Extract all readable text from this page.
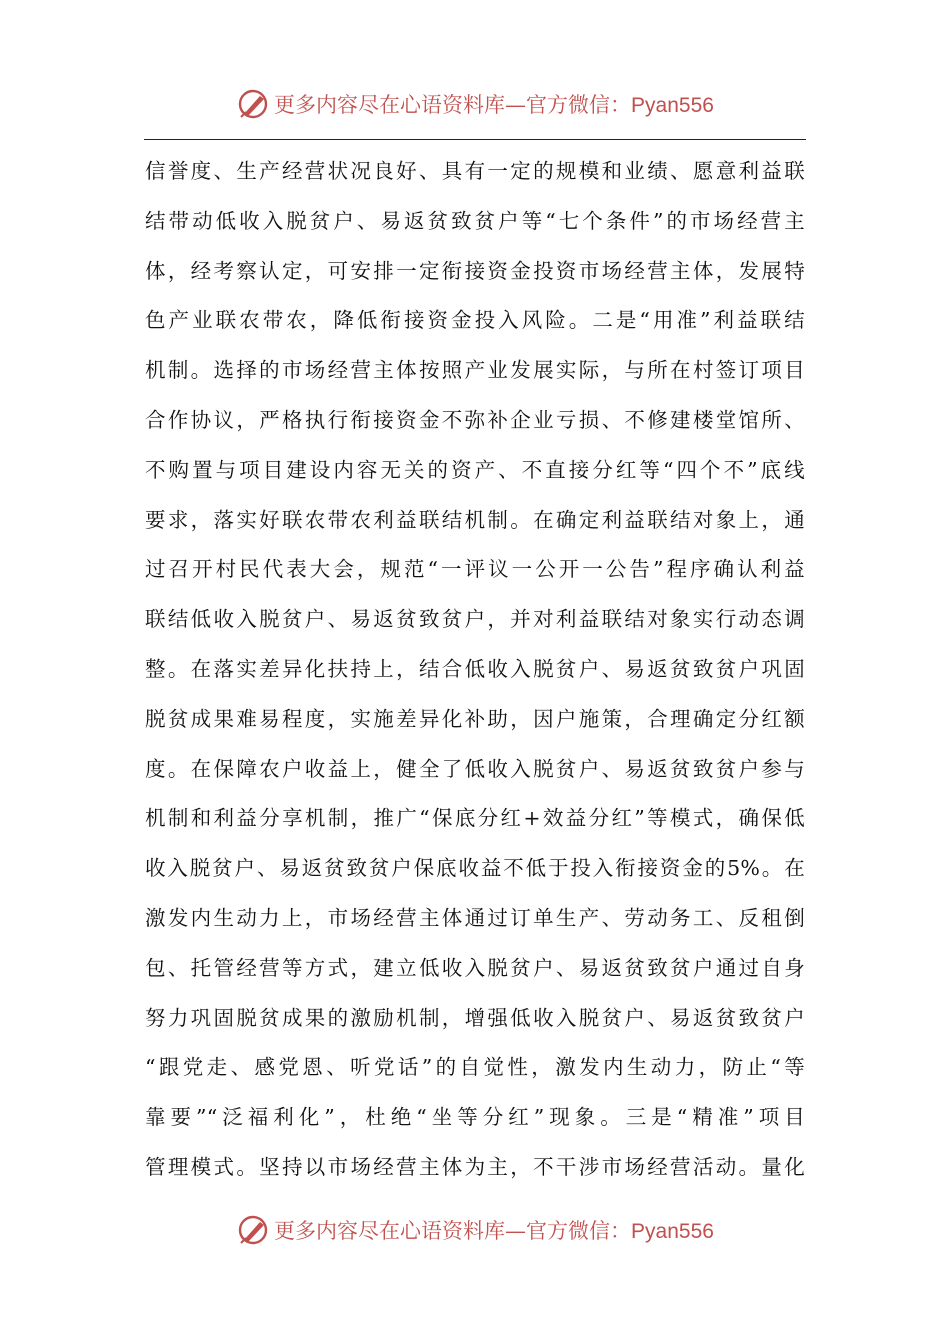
更多内容尽在心语资料库—官方微信：Pyan556
信誉度、生产经营状况良好、具有一定的规模和业绩、愿意利益联
结带动低收入脱贫户、易返贫致贫户等“七个条件”的市场经营主
体，经考察认定，可安排一定衔接资金投资市场经营主体，发展特
色产业联农带农，降低衔接资金投入风险。二是“用准”利益联结
机制。选择的市场经营主体按照产业发展实际，与所在村签订项目
合作协议，严格执行衔接资金不弥补企业亏损、不修建楼堂馆所、
不购置与项目建设内容无关的资产、不直接分红等“四个不”底线
要求，落实好联农带农利益联结机制。在确定利益联结对象上，通
过召开村民代表大会，规范“一评议一公开一公告”程序确认利益
联结低收入脱贫户、易返贫致贫户，并对利益联结对象实行动态调
整。在落实差异化扶持上，结合低收入脱贫户、易返贫致贫户巩固
脱贫成果难易程度，实施差异化补助，因户施策，合理确定分红额
度。在保障农户收益上，健全了低收入脱贫户、易返贫致贫户参与
机制和利益分享机制，推广“保底分红+效益分红”等模式，确保低
收入脱贫户、易返贫致贫户保底收益不低于投入衔接资金的5%。在
激发内生动力上，市场经营主体通过订单生产、劳动务工、反租倒
包、托管经营等方式，建立低收入脱贫户、易返贫致贫户通过自身
努力巩固脱贫成果的激励机制，增强低收入脱贫户、易返贫致贫户
“跟党走、感党恩、听党话”的自觉性，激发内生动力，防止“等
靠要”“泛福利化”，杜绝“坐等分红”现象。三是“精准”项目
管理模式。坚持以市场经营主体为主，不干涉市场经营活动。量化
更多内容尽在心语资料库—官方微信：Pyan556
